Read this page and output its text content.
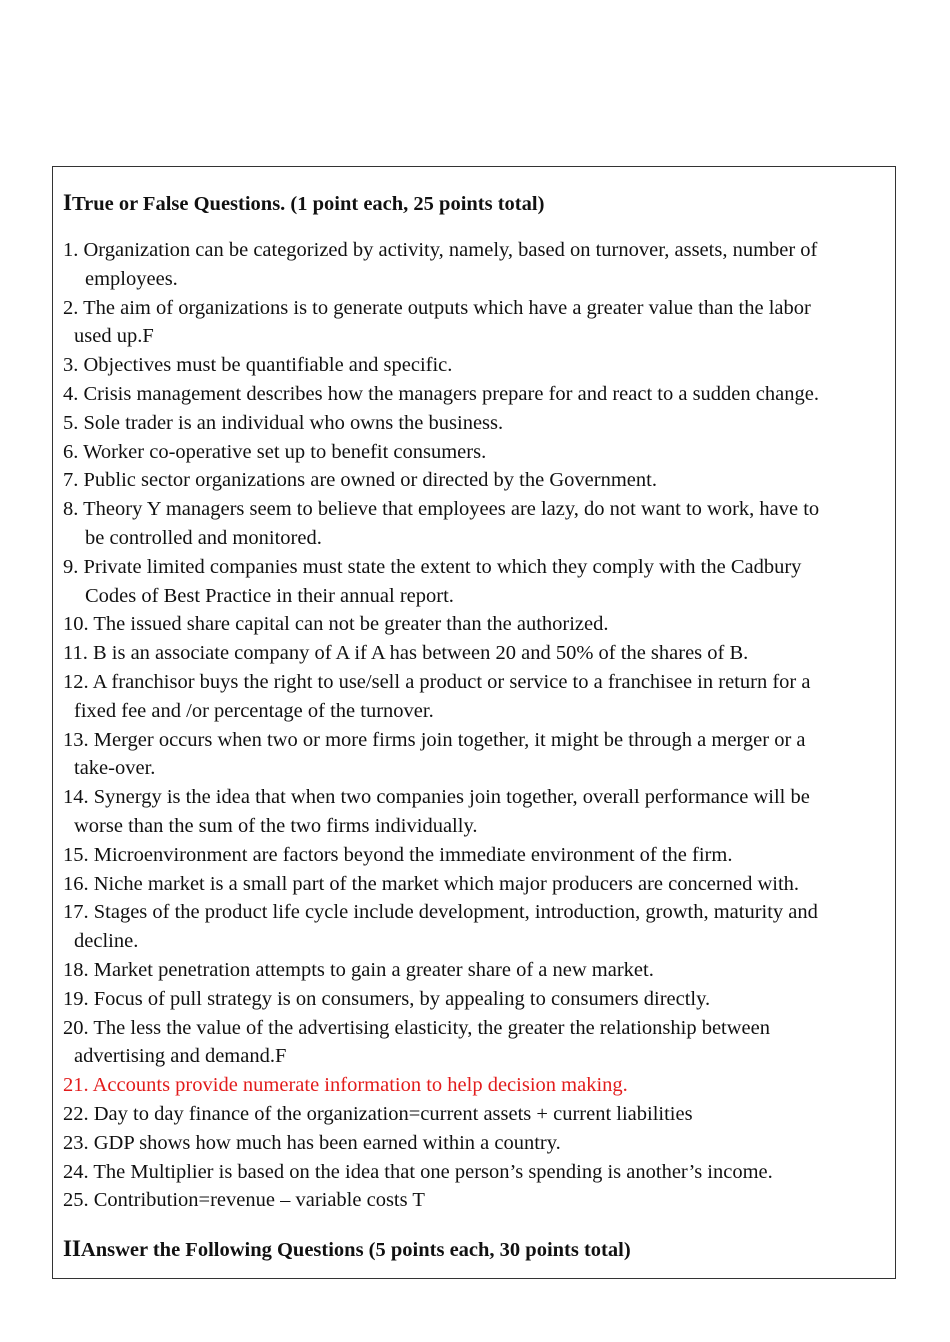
ITrue or False Questions. (1 point each, 25 points total)
1. Organization can be categorized by activity, namely, based on turnover, assets, number of
employees.
2. The aim of organizations is to generate outputs which have a greater value than the labor
used up.F
3. Objectives must be quantifiable and specific.
4. Crisis management describes how the managers prepare for and react to a sudden change.
5. Sole trader is an individual who owns the business.
6. Worker co-operative set up to benefit consumers.
7. Public sector organizations are owned or directed by the Government.
8. Theory Y managers seem to believe that employees are lazy, do not want to work, have to
be controlled and monitored.
9. Private limited companies must state the extent to which they comply with the Cadbury
Codes of Best Practice in their annual report.
10. The issued share capital can not be greater than the authorized.
11. B is an associate company of A if A has between 20 and 50% of the shares of B.
12. A franchisor buys the right to use/sell a product or service to a franchisee in return for a
fixed fee and /or percentage of the turnover.
13. Merger occurs when two or more firms join together, it might be through a merger or a
take-over.
14. Synergy is the idea that when two companies join together, overall performance will be
worse than the sum of the two firms individually.
15. Microenvironment are factors beyond the immediate environment of the firm.
16. Niche market is a small part of the market which major producers are concerned with.
17. Stages of the product life cycle include development, introduction, growth, maturity and
decline.
18. Market penetration attempts to gain a greater share of a new market.
19. Focus of pull strategy is on consumers, by appealing to consumers directly.
20. The less the value of the advertising elasticity, the greater the relationship between
advertising and demand.F
21. Accounts provide numerate information to help decision making.
22. Day to day finance of the organization=current assets + current liabilities
23. GDP shows how much has been earned within a country.
24. The Multiplier is based on the idea that one person’s spending is another’s income.
25. Contribution=revenue – variable costs T
IIAnswer the Following Questions (5 points each, 30 points total)
